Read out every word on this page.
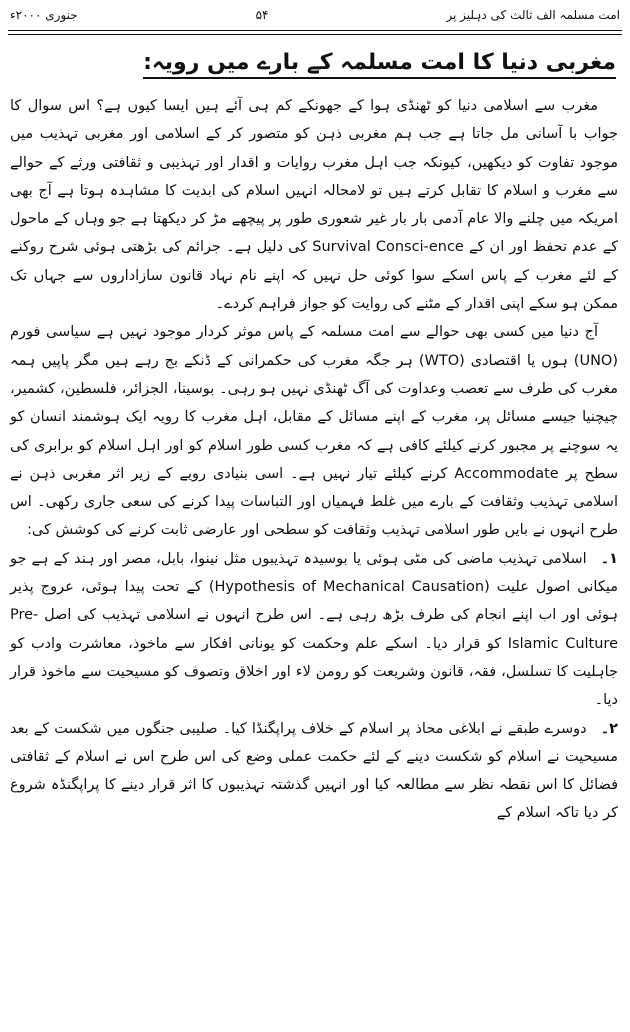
جنوری ۲۰۰۰ء	۵۴	امت مسلمہ الف ثالث کی دہلیز پر
مغربی دنیا کا امت مسلمہ کے بارے میں رویہ:

مغرب سے اسلامی دنیا کو ٹھنڈی ہوا کے جھونکے کم ہی آئے ہیں ایسا کیوں ہے؟ اس سوال کا جواب با آسانی مل جاتا ہے جب ہم مغربی ذہن کو متصور کر کے اسلامی اور مغربی تہذیب میں موجود تفاوت کو دیکھیں، کیونکہ جب اہل مغرب روایات و اقدار اور تہذیبی و ثقافتی ورثے کے حوالے سے مغرب و اسلام کا تقابل کرتے ہیں تو لامحالہ انہیں اسلام کی ابدیت کا مشاہدہ ہوتا ہے آج بھی امریکہ میں چلنے والا عام آدمی بار بار غیر شعوری طور پر پیچھے مڑ کر دیکھتا ہے جو وہاں کے ماحول کے عدم تحفظ اور ان کے Survival Consci-ence کی دلیل ہے۔ جرائم کی بڑھتی ہوئی شرح روکنے کے لئے مغرب کے پاس اسکے سوا کوئی حل نہیں کہ اپنے نام نہاد قانون سازاداروں سے جہاں تک ممکن ہو سکے اپنی اقدار کے مٹنے کی روایت کو جواز فراہم کردے۔

آج دنیا میں کسی بھی حوالے سے امت مسلمہ کے پاس موثر کردار موجود نہیں ہے سیاسی فورم (UNO) ہوں یا اقتصادی (WTO) ہر جگہ مغرب کی حکمرانی کے ڈنکے بج رہے ہیں مگر پاپیں ہمہ مغرب کی طرف سے تعصب وعداوت کی آگ ٹھنڈی نہیں ہو رہی۔ بوسینا، الجزائر، فلسطین، کشمیر، چیچنیا جیسے مسائل پر، مغرب کے اپنے مسائل کے مقابل، اہل مغرب کا رویہ ایک ہوشمند انسان کو یہ سوچنے پر مجبور کرنے کیلئے کافی ہے کہ مغرب کسی طور اسلام کو اور اہل اسلام کو برابری کی سطح پر Accommodate کرنے کیلئے تیار نہیں ہے۔ اسی بنیادی رویے کے زیر اثر مغربی ذہن نے اسلامی تہذیب وثقافت کے بارے میں غلط فہمیاں اور التباسات پیدا کرنے کی سعی جاری رکھی۔ اس طرح انہوں نے بایں طور اسلامی تہذیب وثقافت کو سطحی اور عارضی ثابت کرنے کی کوشش کی:

۱۔اسلامی تہذیب ماضی کی مٹی ہوئی یا بوسیدہ تہذیبوں مثل نینوا، بابل، مصر اور ہند کے ہے جو میکانی اصول علیت (Hypothesis of Mechanical Causation) کے تحت پیدا ہوئی، عروج پذیر ہوئی اور اب اپنے انجام کی طرف بڑھ رہی ہے۔ اس طرح انہوں نے اسلامی تہذیب کی اصل Pre-Islamic Culture کو قرار دیا۔ اسکے علم وحکمت کو یونانی افکار سے ماخوذ، معاشرت وادب کو جاہلیت کا تسلسل، فقہ، قانون وشریعت کو رومن لاء اور اخلاق وتصوف کو مسیحیت سے ماخوذ قرار دیا۔

۲۔دوسرے طبقے نے ابلاغی محاذ پر اسلام کے خلاف پراپگنڈا کیا۔ صلیبی جنگوں میں شکست کے بعد مسیحیت نے اسلام کو شکست دینے کے لئے حکمت عملی وضع کی اس طرح اس نے اسلام کے ثقافتی فضائل کا اس نقطہ نظر سے مطالعہ کیا اور انہیں گذشتہ تہذیبوں کا اثر قرار دینے کا پراپگنڈہ شروع کر دیا تاکہ اسلام کے
